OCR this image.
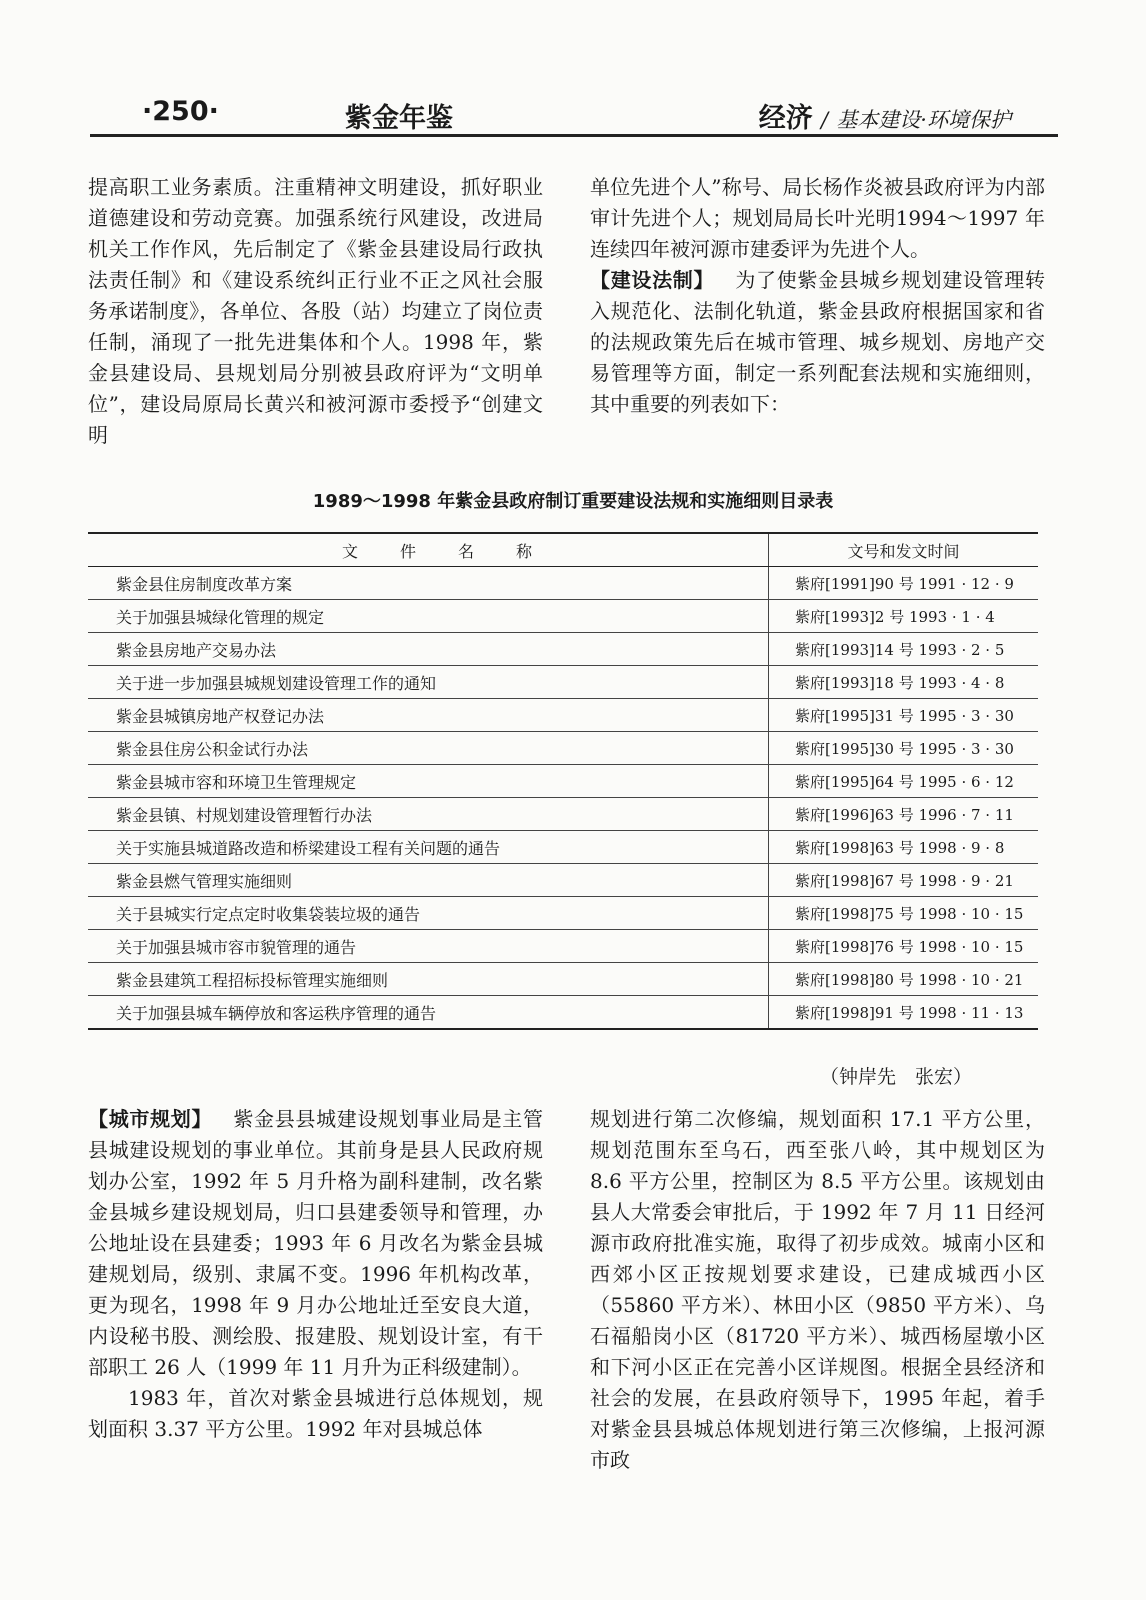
·250·	紫金年鉴	经济 / 基本建设·环境保护

提高职工业务素质。注重精神文明建设，抓好职业道德建设和劳动竞赛。加强系统行风建设，改进局机关工作作风，先后制定了《紫金县建设局行政执法责任制》和《建设系统纠正行业不正之风社会服务承诺制度》，各单位、各股（站）均建立了岗位责任制，涌现了一批先进集体和个人。1998 年，紫金县建设局、县规划局分别被县政府评为“文明单位”，建设局原局长黄兴和被河源市委授予“创建文明

单位先进个人”称号、局长杨作炎被县政府评为内部审计先进个人；规划局局长叶光明1994～1997 年连续四年被河源市建委评为先进个人。

【建设法制】 为了使紫金县城乡规划建设管理转入规范化、法制化轨道，紫金县政府根据国家和省的法规政策先后在城市管理、城乡规划、房地产交易管理等方面，制定一系列配套法规和实施细则，其中重要的列表如下：

1989～1998 年紫金县政府制订重要建设法规和实施细则目录表
文件名称	文号和发文时间
紫金县住房制度改革方案	紫府[1991]90 号 1991 · 12 · 9
关于加强县城绿化管理的规定	紫府[1993]2 号 1993 · 1 · 4
紫金县房地产交易办法	紫府[1993]14 号 1993 · 2 · 5
关于进一步加强县城规划建设管理工作的通知	紫府[1993]18 号 1993 · 4 · 8
紫金县城镇房地产权登记办法	紫府[1995]31 号 1995 · 3 · 30
紫金县住房公积金试行办法	紫府[1995]30 号 1995 · 3 · 30
紫金县城市容和环境卫生管理规定	紫府[1995]64 号 1995 · 6 · 12
紫金县镇、村规划建设管理暂行办法	紫府[1996]63 号 1996 · 7 · 11
关于实施县城道路改造和桥梁建设工程有关问题的通告	紫府[1998]63 号 1998 · 9 · 8
紫金县燃气管理实施细则	紫府[1998]67 号 1998 · 9 · 21
关于县城实行定点定时收集袋装垃圾的通告	紫府[1998]75 号 1998 · 10 · 15
关于加强县城市容市貌管理的通告	紫府[1998]76 号 1998 · 10 · 15
紫金县建筑工程招标投标管理实施细则	紫府[1998]80 号 1998 · 10 · 21
关于加强县城车辆停放和客运秩序管理的通告	紫府[1998]91 号 1998 · 11 · 13
（钟岸先　张宏）

【城市规划】 紫金县县城建设规划事业局是主管县城建设规划的事业单位。其前身是县人民政府规划办公室，1992 年 5 月升格为副科建制，改名紫金县城乡建设规划局，归口县建委领导和管理，办公地址设在县建委；1993 年 6 月改名为紫金县城建规划局，级别、隶属不变。1996 年机构改革，更为现名，1998 年 9 月办公地址迁至安良大道，内设秘书股、测绘股、报建股、规划设计室，有干部职工 26 人（1999 年 11 月升为正科级建制）。

1983 年，首次对紫金县城进行总体规划，规划面积 3.37 平方公里。1992 年对县城总体

规划进行第二次修编，规划面积 17.1 平方公里，规划范围东至乌石，西至张八岭，其中规划区为 8.6 平方公里，控制区为 8.5 平方公里。该规划由县人大常委会审批后，于 1992 年 7 月 11 日经河源市政府批准实施，取得了初步成效。城南小区和西郊小区正按规划要求建设，已建成城西小区（55860 平方米）、林田小区（9850 平方米）、乌石福船岗小区（81720 平方米）、城西杨屋墩小区和下河小区正在完善小区详规图。根据全县经济和社会的发展，在县政府领导下，1995 年起，着手对紫金县县城总体规划进行第三次修编，上报河源市政
